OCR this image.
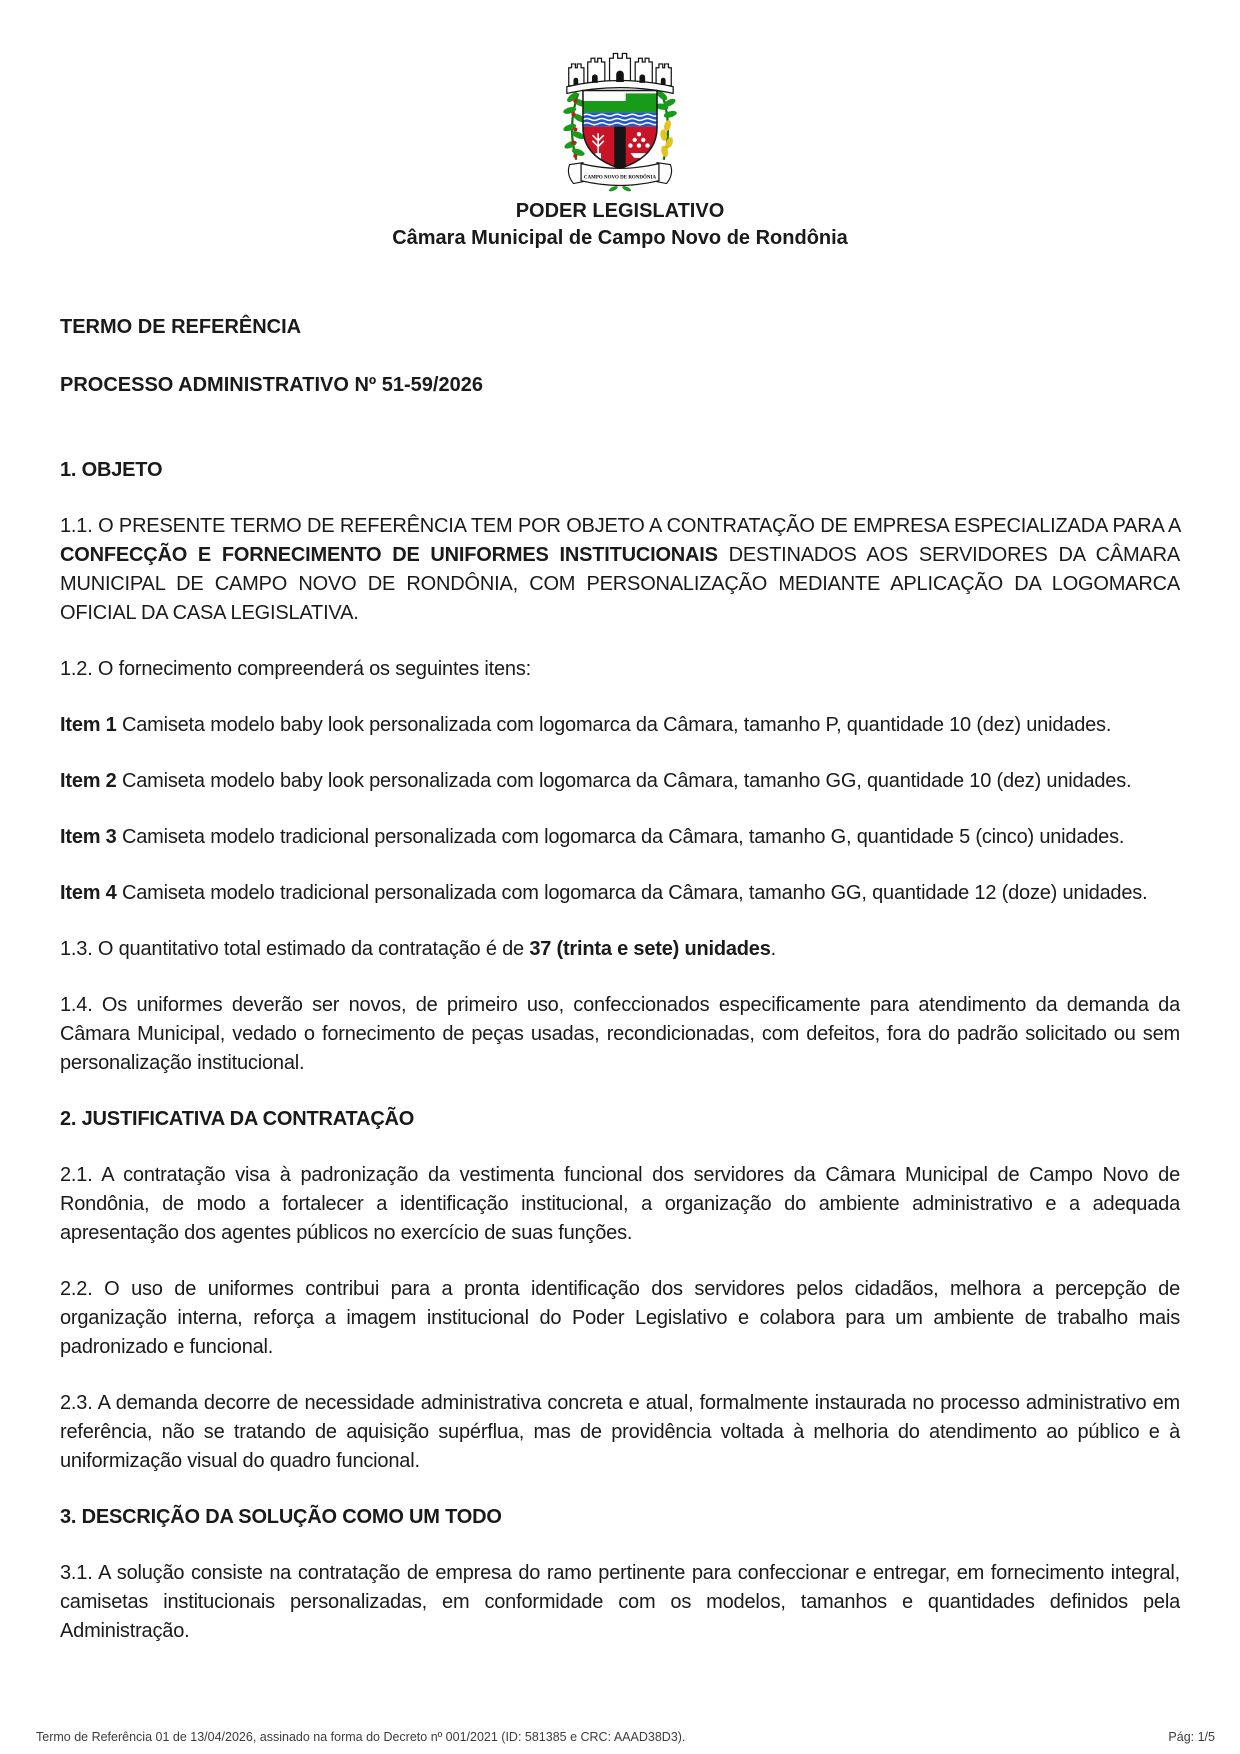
CAMPO NOVO DE RONDÔNIA
PODER LEGISLATIVO
Câmara Municipal de Campo Novo de Rondônia

TERMO DE REFERÊNCIA

PROCESSO ADMINISTRATIVO Nº 51-59/2026

1. OBJETO

1.1. O PRESENTE TERMO DE REFERÊNCIA TEM POR OBJETO A CONTRATAÇÃO DE EMPRESA ESPECIALIZADA PARA A CONFECÇÃO E FORNECIMENTO DE UNIFORMES INSTITUCIONAIS DESTINADOS AOS SERVIDORES DA CÂMARA MUNICIPAL DE CAMPO NOVO DE RONDÔNIA, COM PERSONALIZAÇÃO MEDIANTE APLICAÇÃO DA LOGOMARCA OFICIAL DA CASA LEGISLATIVA.

1.2. O fornecimento compreenderá os seguintes itens:

Item 1 Camiseta modelo baby look personalizada com logomarca da Câmara, tamanho P, quantidade 10 (dez) unidades.

Item 2 Camiseta modelo baby look personalizada com logomarca da Câmara, tamanho GG, quantidade 10 (dez) unidades.

Item 3 Camiseta modelo tradicional personalizada com logomarca da Câmara, tamanho G, quantidade 5 (cinco) unidades.

Item 4 Camiseta modelo tradicional personalizada com logomarca da Câmara, tamanho GG, quantidade 12 (doze) unidades.

1.3. O quantitativo total estimado da contratação é de 37 (trinta e sete) unidades.

1.4. Os uniformes deverão ser novos, de primeiro uso, confeccionados especificamente para atendimento da demanda da Câmara Municipal, vedado o fornecimento de peças usadas, recondicionadas, com defeitos, fora do padrão solicitado ou sem personalização institucional.

2. JUSTIFICATIVA DA CONTRATAÇÃO

2.1. A contratação visa à padronização da vestimenta funcional dos servidores da Câmara Municipal de Campo Novo de Rondônia, de modo a fortalecer a identificação institucional, a organização do ambiente administrativo e a adequada apresentação dos agentes públicos no exercício de suas funções.

2.2. O uso de uniformes contribui para a pronta identificação dos servidores pelos cidadãos, melhora a percepção de organização interna, reforça a imagem institucional do Poder Legislativo e colabora para um ambiente de trabalho mais padronizado e funcional.

2.3. A demanda decorre de necessidade administrativa concreta e atual, formalmente instaurada no processo administrativo em referência, não se tratando de aquisição supérflua, mas de providência voltada à melhoria do atendimento ao público e à uniformização visual do quadro funcional.

3. DESCRIÇÃO DA SOLUÇÃO COMO UM TODO

3.1. A solução consiste na contratação de empresa do ramo pertinente para confeccionar e entregar, em fornecimento integral, camisetas institucionais personalizadas, em conformidade com os modelos, tamanhos e quantidades definidos pela Administração.

Termo de Referência 01 de 13/04/2026, assinado na forma do Decreto nº 001/2021 (ID: 581385 e CRC: AAAD38D3).	Pág: 1/5
